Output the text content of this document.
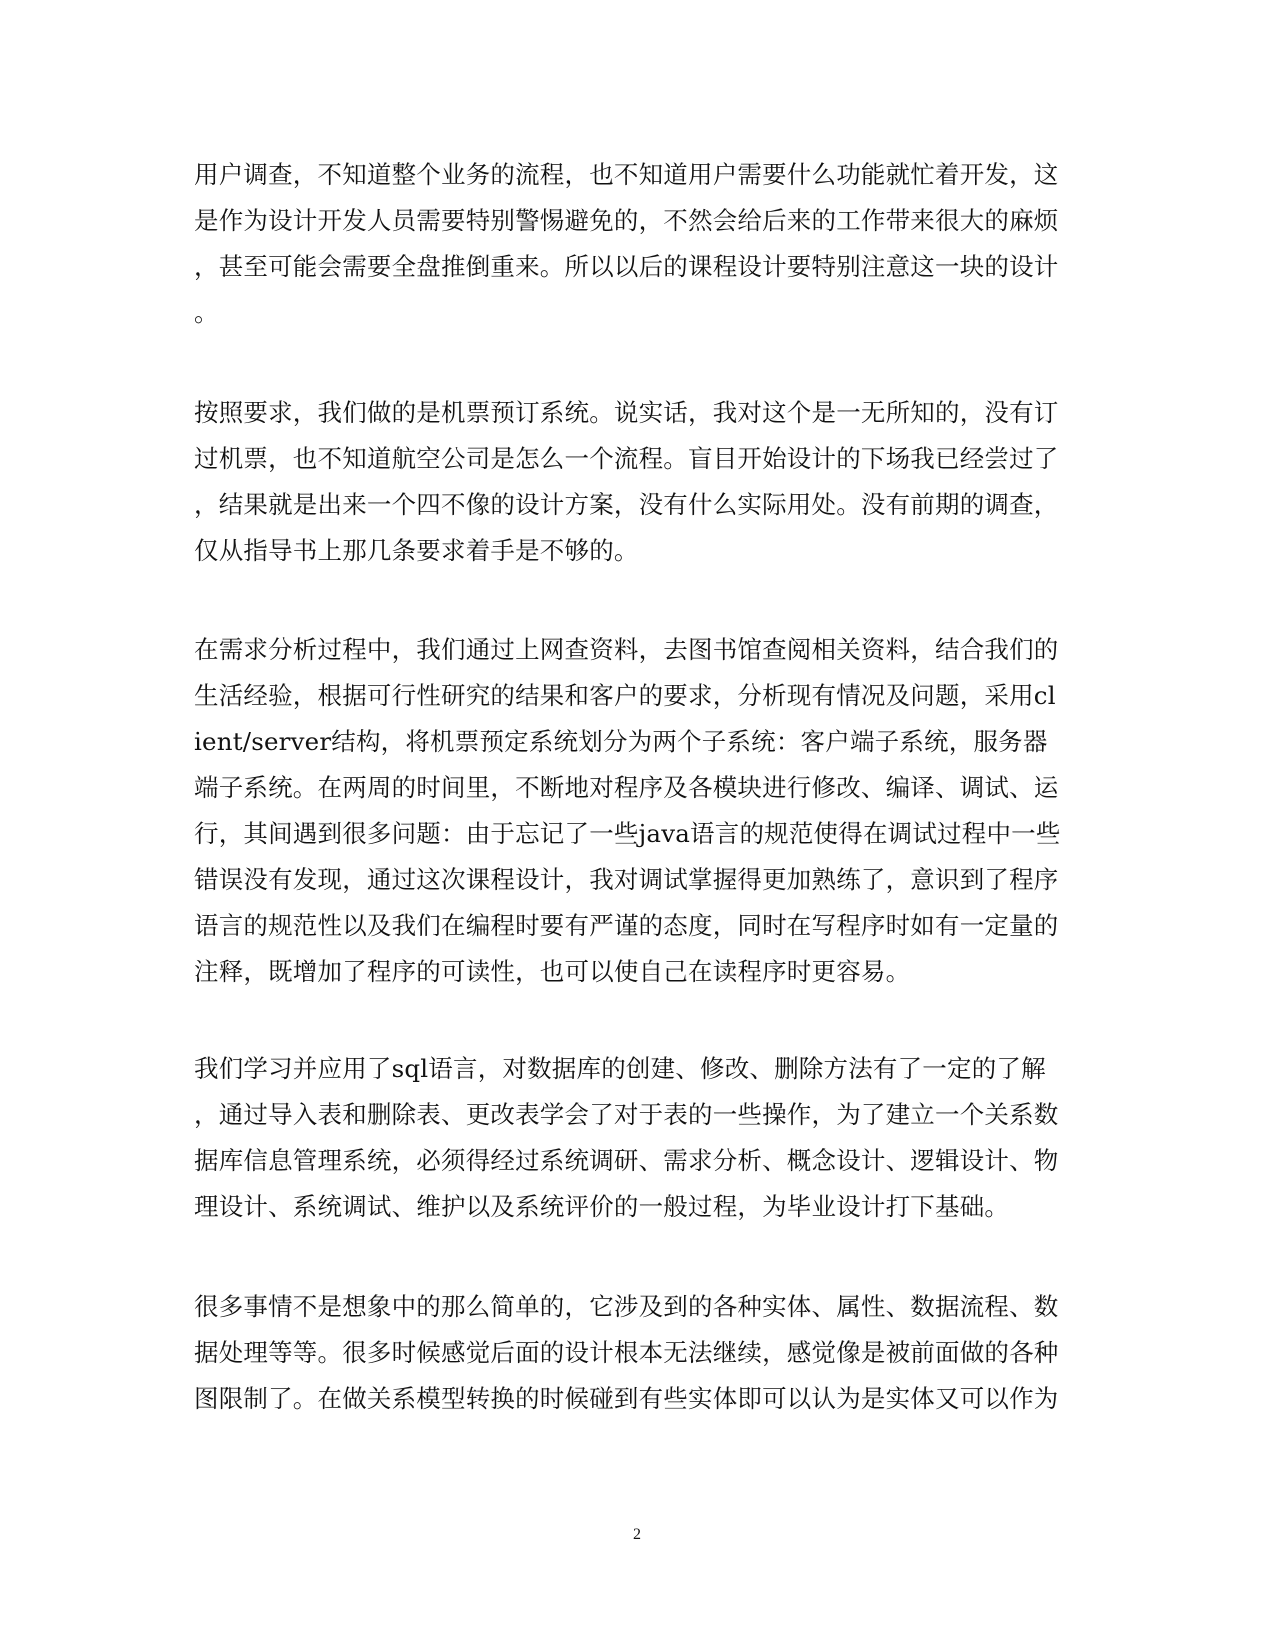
用户调查，不知道整个业务的流程，也不知道用户需要什么功能就忙着开发，这
是作为设计开发人员需要特别警惕避免的，不然会给后来的工作带来很大的麻烦
，甚至可能会需要全盘推倒重来。所以以后的课程设计要特别注意这一块的设计
。
按照要求，我们做的是机票预订系统。说实话，我对这个是一无所知的，没有订
过机票，也不知道航空公司是怎么一个流程。盲目开始设计的下场我已经尝过了
，结果就是出来一个四不像的设计方案，没有什么实际用处。没有前期的调查，
仅从指导书上那几条要求着手是不够的。
在需求分析过程中，我们通过上网查资料，去图书馆查阅相关资料，结合我们的
生活经验，根据可行性研究的结果和客户的要求，分析现有情况及问题，采用cl
ient/server结构，将机票预定系统划分为两个子系统：客户端子系统，服务器
端子系统。在两周的时间里，不断地对程序及各模块进行修改、编译、调试、运
行，其间遇到很多问题：由于忘记了一些java语言的规范使得在调试过程中一些
错误没有发现，通过这次课程设计，我对调试掌握得更加熟练了，意识到了程序
语言的规范性以及我们在编程时要有严谨的态度，同时在写程序时如有一定量的
注释，既增加了程序的可读性，也可以使自己在读程序时更容易。
我们学习并应用了sql语言，对数据库的创建、修改、删除方法有了一定的了解
，通过导入表和删除表、更改表学会了对于表的一些操作，为了建立一个关系数
据库信息管理系统，必须得经过系统调研、需求分析、概念设计、逻辑设计、物
理设计、系统调试、维护以及系统评价的一般过程，为毕业设计打下基础。
很多事情不是想象中的那么简单的，它涉及到的各种实体、属性、数据流程、数
据处理等等。很多时候感觉后面的设计根本无法继续，感觉像是被前面做的各种
图限制了。在做关系模型转换的时候碰到有些实体即可以认为是实体又可以作为
2
